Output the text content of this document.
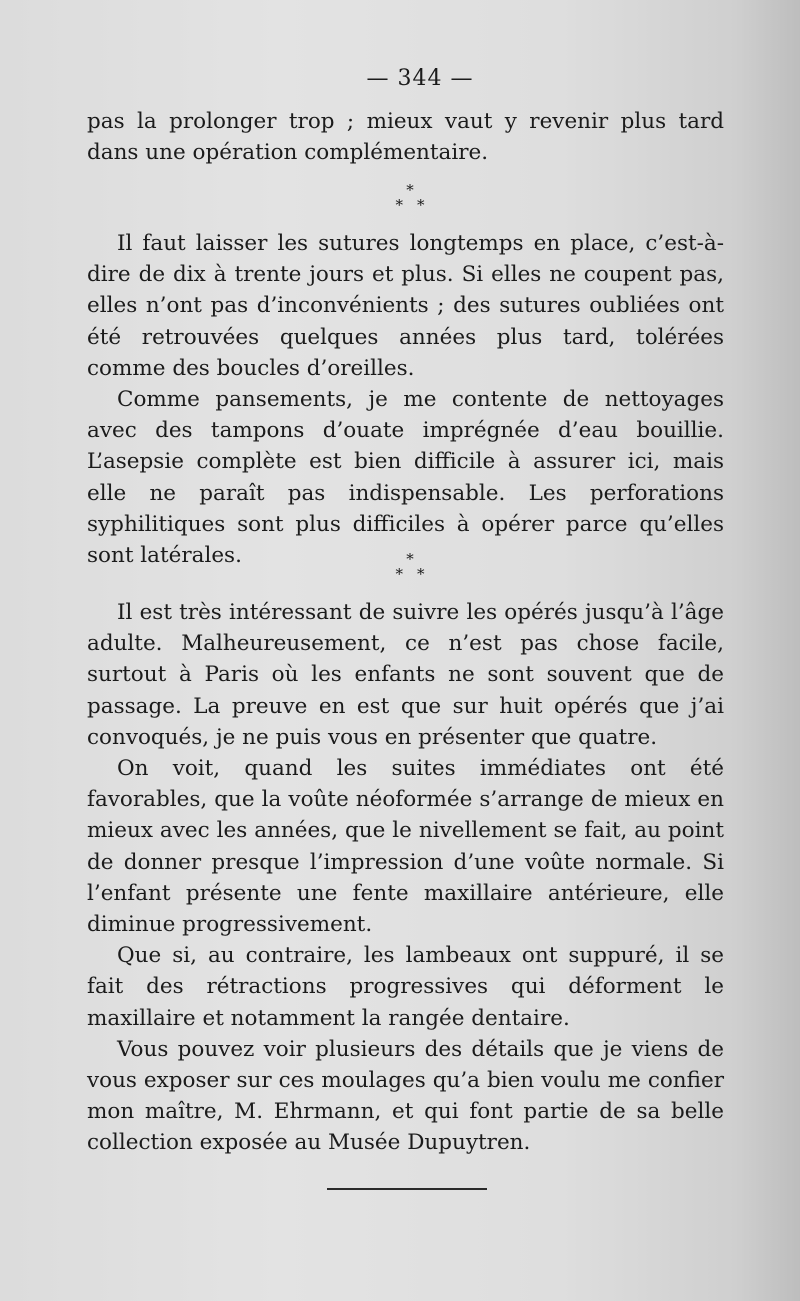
— 344 —

pas la prolonger trop ; mieux vaut y revenir plus tard dans une opération complémentaire.

*
**

Il faut laisser les sutures longtemps en place, c’est-à-dire de dix à trente jours et plus. Si elles ne coupent pas, elles n’ont pas d’inconvénients ; des sutures oubliées ont été retrouvées quelques années plus tard, tolérées comme des boucles d’oreilles.

Comme pansements, je me contente de nettoyages avec des tampons d’ouate imprégnée d’eau bouillie. L’asepsie complète est bien difficile à assurer ici, mais elle ne paraît pas indispensable. Les perforations syphilitiques sont plus difficiles à opérer parce qu’elles sont latérales.	*
**

Il est très intéressant de suivre les opérés jusqu’à l’âge adulte. Malheureusement, ce n’est pas chose facile, surtout à Paris où les enfants ne sont souvent que de passage. La preuve en est que sur huit opérés que j’ai convoqués, je ne puis vous en présenter que quatre.

On voit, quand les suites immédiates ont été favorables, que la voûte néoformée s’arrange de mieux en mieux avec les années, que le nivellement se fait, au point de donner presque l’impression d’une voûte normale. Si l’enfant présente une fente maxillaire antérieure, elle diminue progressivement.

Que si, au contraire, les lambeaux ont suppuré, il se fait des rétractions progressives qui déforment le maxillaire et notamment la rangée dentaire.

Vous pouvez voir plusieurs des détails que je viens de vous exposer sur ces moulages qu’a bien voulu me confier mon maître, M. Ehrmann, et qui font partie de sa belle collection exposée au Musée Dupuytren.
